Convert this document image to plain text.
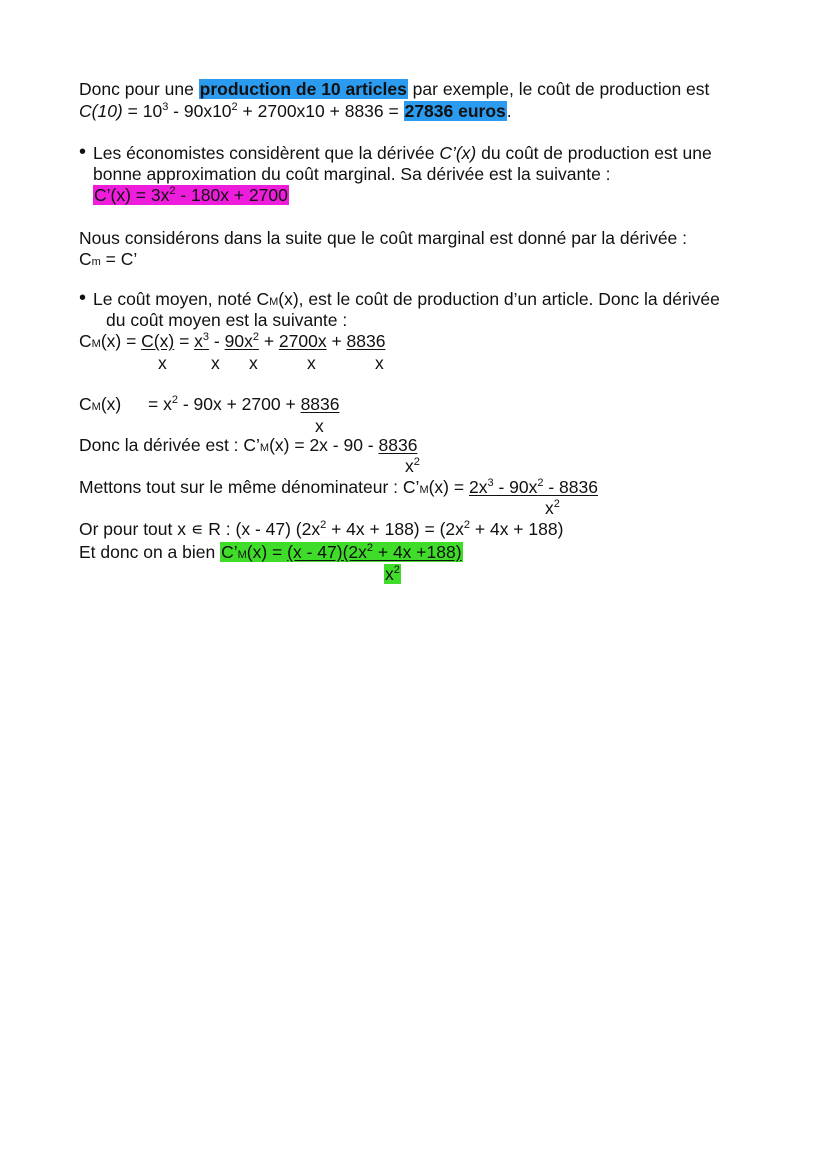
Donc pour une production de 10 articles par exemple, le coût de production est
$C(10) = 10^3 - 90x10^2 + 2700x10 + 8836 = 27836$ euros.
• Les économistes considèrent que la dérivée C’(x) du coût de production est une
bonne approximation du coût marginal. Sa dérivée est la suivante :
C’(x) = $3x^2 - 180x + 2700$
Nous considérons dans la suite que le coût marginal est donné par la dérivée :
Cm = C’
• Le coût moyen, noté CM(x), est le coût de production d’un article. Donc la dérivée
du coût moyen est la suivante :
$CM(x) = C(x) = x^3 - 90x^2 + 2700x + 8836$
x	x x	x	x
$CM(x) = x^2 - 90x + 2700 + 8836$
x
Donc la dérivée est : C’M(x) = 2x - 90 - 8836
$x^2$
Mettons tout sur le même dénominateur : C’M(x) = $2x^3 - 90x^2 - 8836$
$x^2$
Or pour tout x ∊ R : (x - 47) $(2x^2 + 4x + 188) = (2x^2 + 4x + 188)$
Et donc on a bien C’M(x) = $(x - 47)(2x^2 + 4x +188)$
$x^2$
